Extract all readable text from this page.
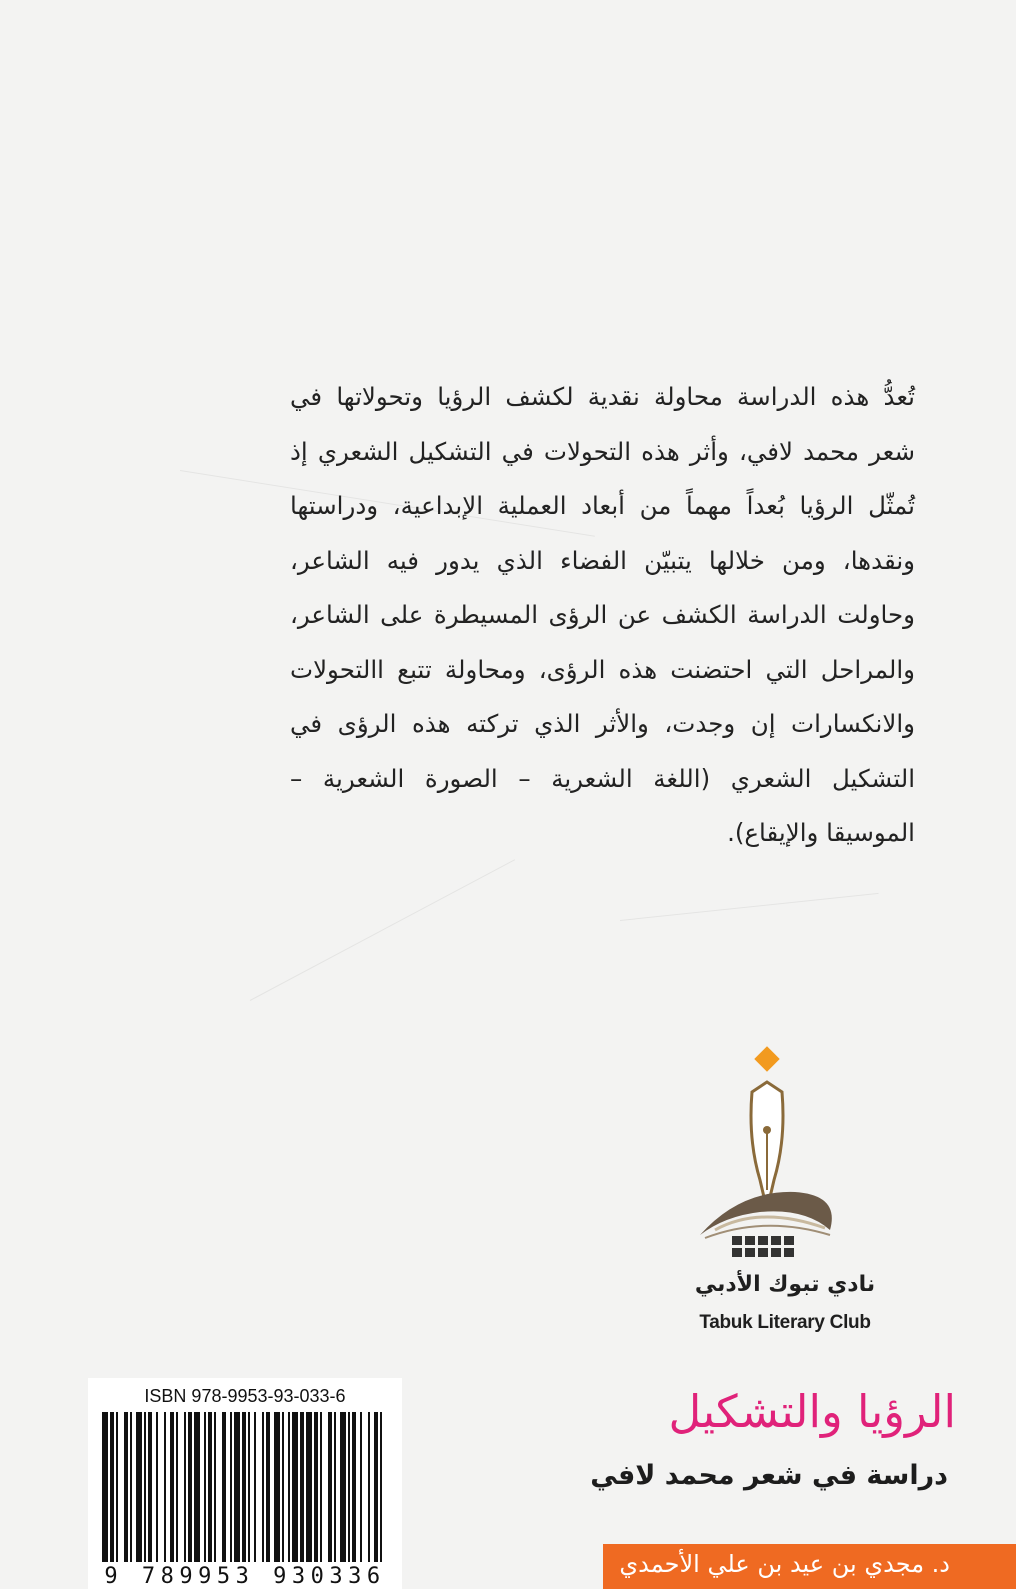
تُعدُّ هذه الدراسة محاولة نقدية لكشف الرؤيا وتحولاتها في شعر محمد لافي، وأثر هذه التحولات في التشكيل الشعري إذ تُمثّل الرؤيا بُعداً مهماً من أبعاد العملية الإبداعية، ودراستها ونقدها، ومن خلالها يتبيّن الفضاء الذي يدور فيه الشاعر، وحاولت الدراسة الكشف عن الرؤى المسيطرة على الشاعر، والمراحل التي احتضنت هذه الرؤى، ومحاولة تتبع االتحولات والانكسارات إن وجدت، والأثر الذي تركته هذه الرؤى في التشكيل الشعري (اللغة الشعرية – الصورة الشعرية – الموسيقا والإيقاع).

نادي تبوك الأدبي
Tabuk Literary Club
الرؤيا والتشكيل
دراسة في شعر محمد لافي
د. مجدي بن عيد بن علي الأحمدي
ISBN 978-9953-93-033-6
9 789953 930336
